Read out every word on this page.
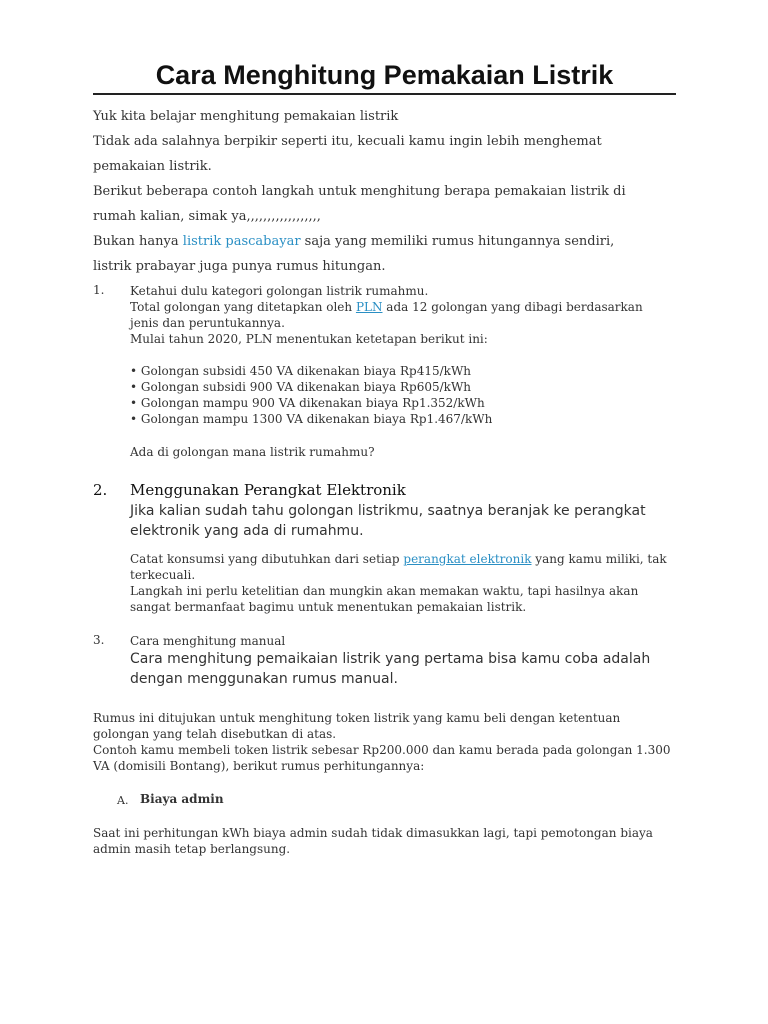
Cara Menghitung Pemakaian Listrik

Yuk kita belajar menghitung pemakaian listrik

Tidak ada salahnya berpikir seperti itu, kecuali kamu ingin lebih menghemat pemakaian listrik.

Berikut beberapa contoh langkah untuk menghitung berapa pemakaian listrik di rumah kalian, simak ya,,,,,,,,,,,,,,,,,,

Bukan hanya listrik pascabayar saja yang memiliki rumus hitungannya sendiri, listrik prabayar juga punya rumus hitungan.

1. Ketahui dulu kategori golongan listrik rumahmu.

Total golongan yang ditetapkan oleh PLN ada 12 golongan yang dibagi berdasarkan jenis dan peruntukannya.

Mulai tahun 2020, PLN menentukan ketetapan berikut ini:

• Golongan subsidi 450 VA dikenakan biaya Rp415/kWh
• Golongan subsidi 900 VA dikenakan biaya Rp605/kWh
• Golongan mampu 900 VA dikenakan biaya Rp1.352/kWh
• Golongan mampu 1300 VA dikenakan biaya Rp1.467/kWh

Ada di golongan mana listrik rumahmu?

2. Menggunakan Perangkat Elektronik
Jika kalian sudah tahu golongan listrikmu, saatnya beranjak ke perangkat elektronik yang ada di rumahmu.

Catat konsumsi yang dibutuhkan dari setiap perangkat elektronik yang kamu miliki, tak terkecuali.

Langkah ini perlu ketelitian dan mungkin akan memakan waktu, tapi hasilnya akan sangat bermanfaat bagimu untuk menentukan pemakaian listrik.

3. Cara menghitung manual
Cara menghitung pemaikaian listrik yang pertama bisa kamu coba adalah dengan menggunakan rumus manual.

Rumus ini ditujukan untuk menghitung token listrik yang kamu beli dengan ketentuan golongan yang telah disebutkan di atas.

Contoh kamu membeli token listrik sebesar Rp200.000 dan kamu berada pada golongan 1.300 VA (domisili Bontang), berikut rumus perhitungannya:

A. Biaya admin
Saat ini perhitungan kWh biaya admin sudah tidak dimasukkan lagi, tapi pemotongan biaya admin masih tetap berlangsung.
